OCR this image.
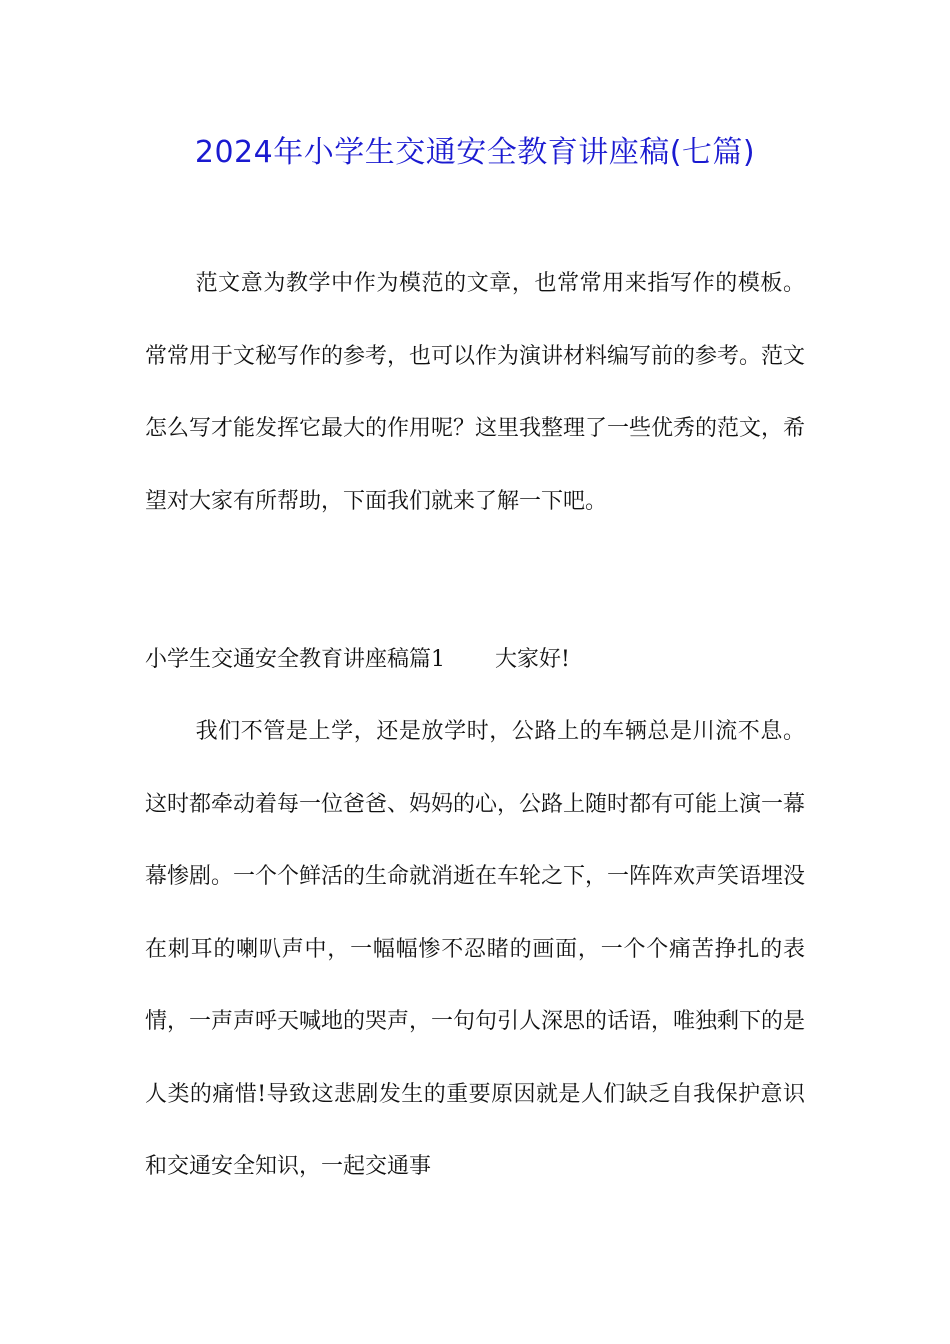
2024年小学生交通安全教育讲座稿(七篇)
范文意为教学中作为模范的文章，也常常用来指写作的模板。常常用于文秘写作的参考，也可以作为演讲材料编写前的参考。范文怎么写才能发挥它最大的作用呢？这里我整理了一些优秀的范文，希望对大家有所帮助，下面我们就来了解一下吧。
小学生交通安全教育讲座稿篇1 大家好!
我们不管是上学，还是放学时，公路上的车辆总是川流不息。这时都牵动着每一位爸爸、妈妈的心，公路上随时都有可能上演一幕幕惨剧。一个个鲜活的生命就消逝在车轮之下，一阵阵欢声笑语埋没在刺耳的喇叭声中，一幅幅惨不忍睹的画面，一个个痛苦挣扎的表情，一声声呼天喊地的哭声，一句句引人深思的话语，唯独剩下的是人类的痛惜!导致这悲剧发生的重要原因就是人们缺乏自我保护意识和交通安全知识，一起交通事
